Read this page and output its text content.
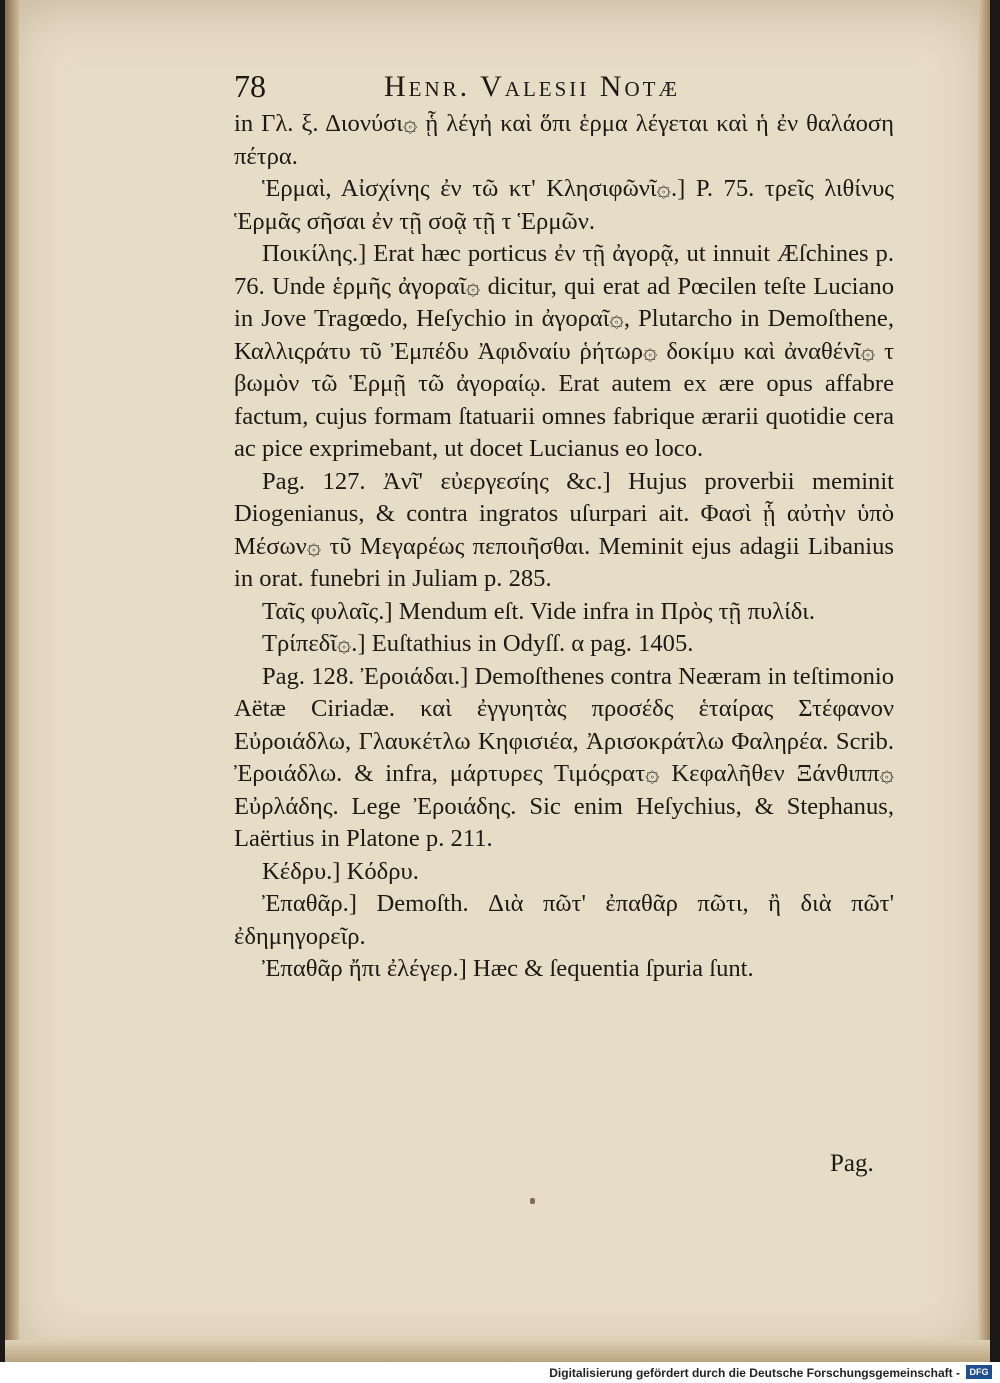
78	Henr. Valesii Notæ

in Γλ. ξ. Διονύσι۞ ᾗ λέγἠ καὶ ὅπι ἑρμα λέγεται καὶ ἡ ἐν θαλάοση πέτρα.

Ἑρμαὶ, Αἰσχίνης ἐν τῶ κτ' Κλησιφῶνῖ۞.] P. 75. τρεῖς λιθίνυς Ἑρμᾶς σῆσαι ἐν τῇ σοᾷ τῇ τ Ἑρμῶν.

Ποικίλης.] Erat hæc porticus ἐν τῇ ἀγορᾷ, ut innuit Æſchines p. 76. Unde ἑρμῆς ἀγοραῖ۞ dicitur, qui erat ad Pœcilen teſte Luciano in Jove Tragœdo, Heſychio in ἀγοραῖ۞, Plutarcho in Demoſthene, Καλλιςράτυ τῦ Ἐμπέδυ Ἀφιδναίυ ῥήτωρ۞ δοκίμυ καὶ ἀναθένῖ۞ τ βωμὸν τῶ Ἑρμῇ τῶ ἀγοραίῳ. Erat autem ex ære opus affabre factum, cujus formam ſtatuarii omnes fabrique ærarii quotidie cera ac pice exprimebant, ut docet Lucianus eo loco.

Pag. 127. Ἀνῖ' εὐεργεσίης &c.] Hujus proverbii meminit Diogenianus, & contra ingratos uſurpari ait. Φασὶ ᾗ αὐτὴν ὑπὸ Μέσων۞ τῦ Μεγαρέως πεποιῆσθαι. Meminit ejus adagii Libanius in orat. funebri in Juliam p. 285.

Ταῖς φυλαῖς.] Mendum eſt. Vide infra in Πρὸς τῇ πυλίδι.

Τρίπεδῖ۞.] Euſtathius in Odyſſ. α pag. 1405.

Pag. 128. Ἐροιάδαι.] Demoſthenes contra Neæram in teſtimonio Aëtæ Ciriadæ. καὶ ἐγγυητὰς προσέδς ἑταίρας Στέφανον Εὐροιάδλω, Γλαυκέτλω Κηφισιέα, Ἀρισοκράτλω Φαληρέα. Scrib. Ἐροιάδλω. & infra, μάρτυρες Τιμόςρατ۞ Κεφαλῆθεν Ξάνθιππ۞ Εὐρλάδης. Lege Ἐροιάδης. Sic enim Heſychius, & Stephanus, Laërtius in Platone p. 211.

Κέδρυ.] Κόδρυ.

Ἐπαθᾶρ.] Demoſth. Διὰ πῶτ' ἐπαθᾶρ πῶτι, ἢ διὰ πῶτ' ἐδημηγορεῖρ.

Ἐπαθᾶρ ἤπι ἐλέγερ.] Hæc & ſequentia ſpuria ſunt.

Pag.
Digitalisierung gefördert durch die Deutsche Forschungsgemeinschaft -	DFG
